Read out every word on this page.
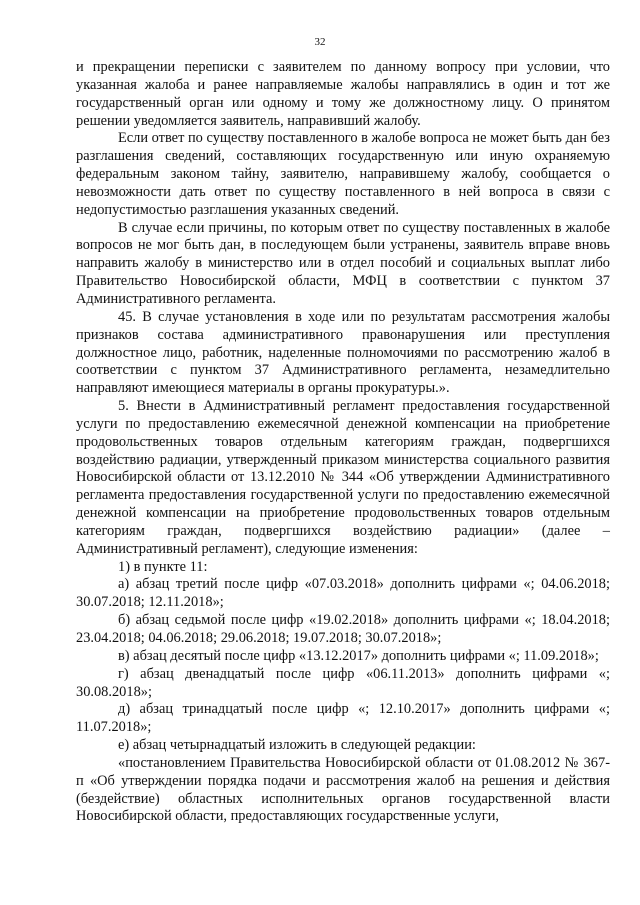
32

и прекращении переписки с заявителем по данному вопросу при условии, что указанная жалоба и ранее направляемые жалобы направлялись в один и тот же государственный орган или одному и тому же должностному лицу. О принятом решении уведомляется заявитель, направивший жалобу.

Если ответ по существу поставленного в жалобе вопроса не может быть дан без разглашения сведений, составляющих государственную или иную охраняемую федеральным законом тайну, заявителю, направившему жалобу, сообщается о невозможности дать ответ по существу поставленного в ней вопроса в связи с недопустимостью разглашения указанных сведений.

В случае если причины, по которым ответ по существу поставленных в жалобе вопросов не мог быть дан, в последующем были устранены, заявитель вправе вновь направить жалобу в министерство или в отдел пособий и социальных выплат либо Правительство Новосибирской области, МФЦ в соответствии с пунктом 37 Административного регламента.

45. В случае установления в ходе или по результатам рассмотрения жалобы признаков состава административного правонарушения или преступления должностное лицо, работник, наделенные полномочиями по рассмотрению жалоб в соответствии с пунктом 37 Административного регламента, незамедлительно направляют имеющиеся материалы в органы прокуратуры.».

5. Внести в Административный регламент предоставления государственной услуги по предоставлению ежемесячной денежной компенсации на приобретение продовольственных товаров отдельным категориям граждан, подвергшихся воздействию радиации, утвержденный приказом министерства социального развития Новосибирской области от 13.12.2010 № 344 «Об утверждении Административного регламента предоставления государственной услуги по предоставлению ежемесячной денежной компенсации на приобретение продовольственных товаров отдельным категориям граждан, подвергшихся воздействию радиации» (далее – Административный регламент), следующие изменения:

1) в пункте 11:

а) абзац третий после цифр «07.03.2018» дополнить цифрами «; 04.06.2018; 30.07.2018; 12.11.2018»;

б) абзац седьмой после цифр «19.02.2018» дополнить цифрами «; 18.04.2018; 23.04.2018; 04.06.2018; 29.06.2018; 19.07.2018; 30.07.2018»;

в) абзац десятый после цифр «13.12.2017» дополнить цифрами «; 11.09.2018»;

г) абзац двенадцатый после цифр «06.11.2013» дополнить цифрами «; 30.08.2018»;

д) абзац тринадцатый после цифр «; 12.10.2017» дополнить цифрами «; 11.07.2018»;

е) абзац четырнадцатый изложить в следующей редакции:

«постановлением Правительства Новосибирской области от 01.08.2012 № 367-п «Об утверждении порядка подачи и рассмотрения жалоб на решения и действия (бездействие) областных исполнительных органов государственной власти Новосибирской области, предоставляющих государственные услуги,
